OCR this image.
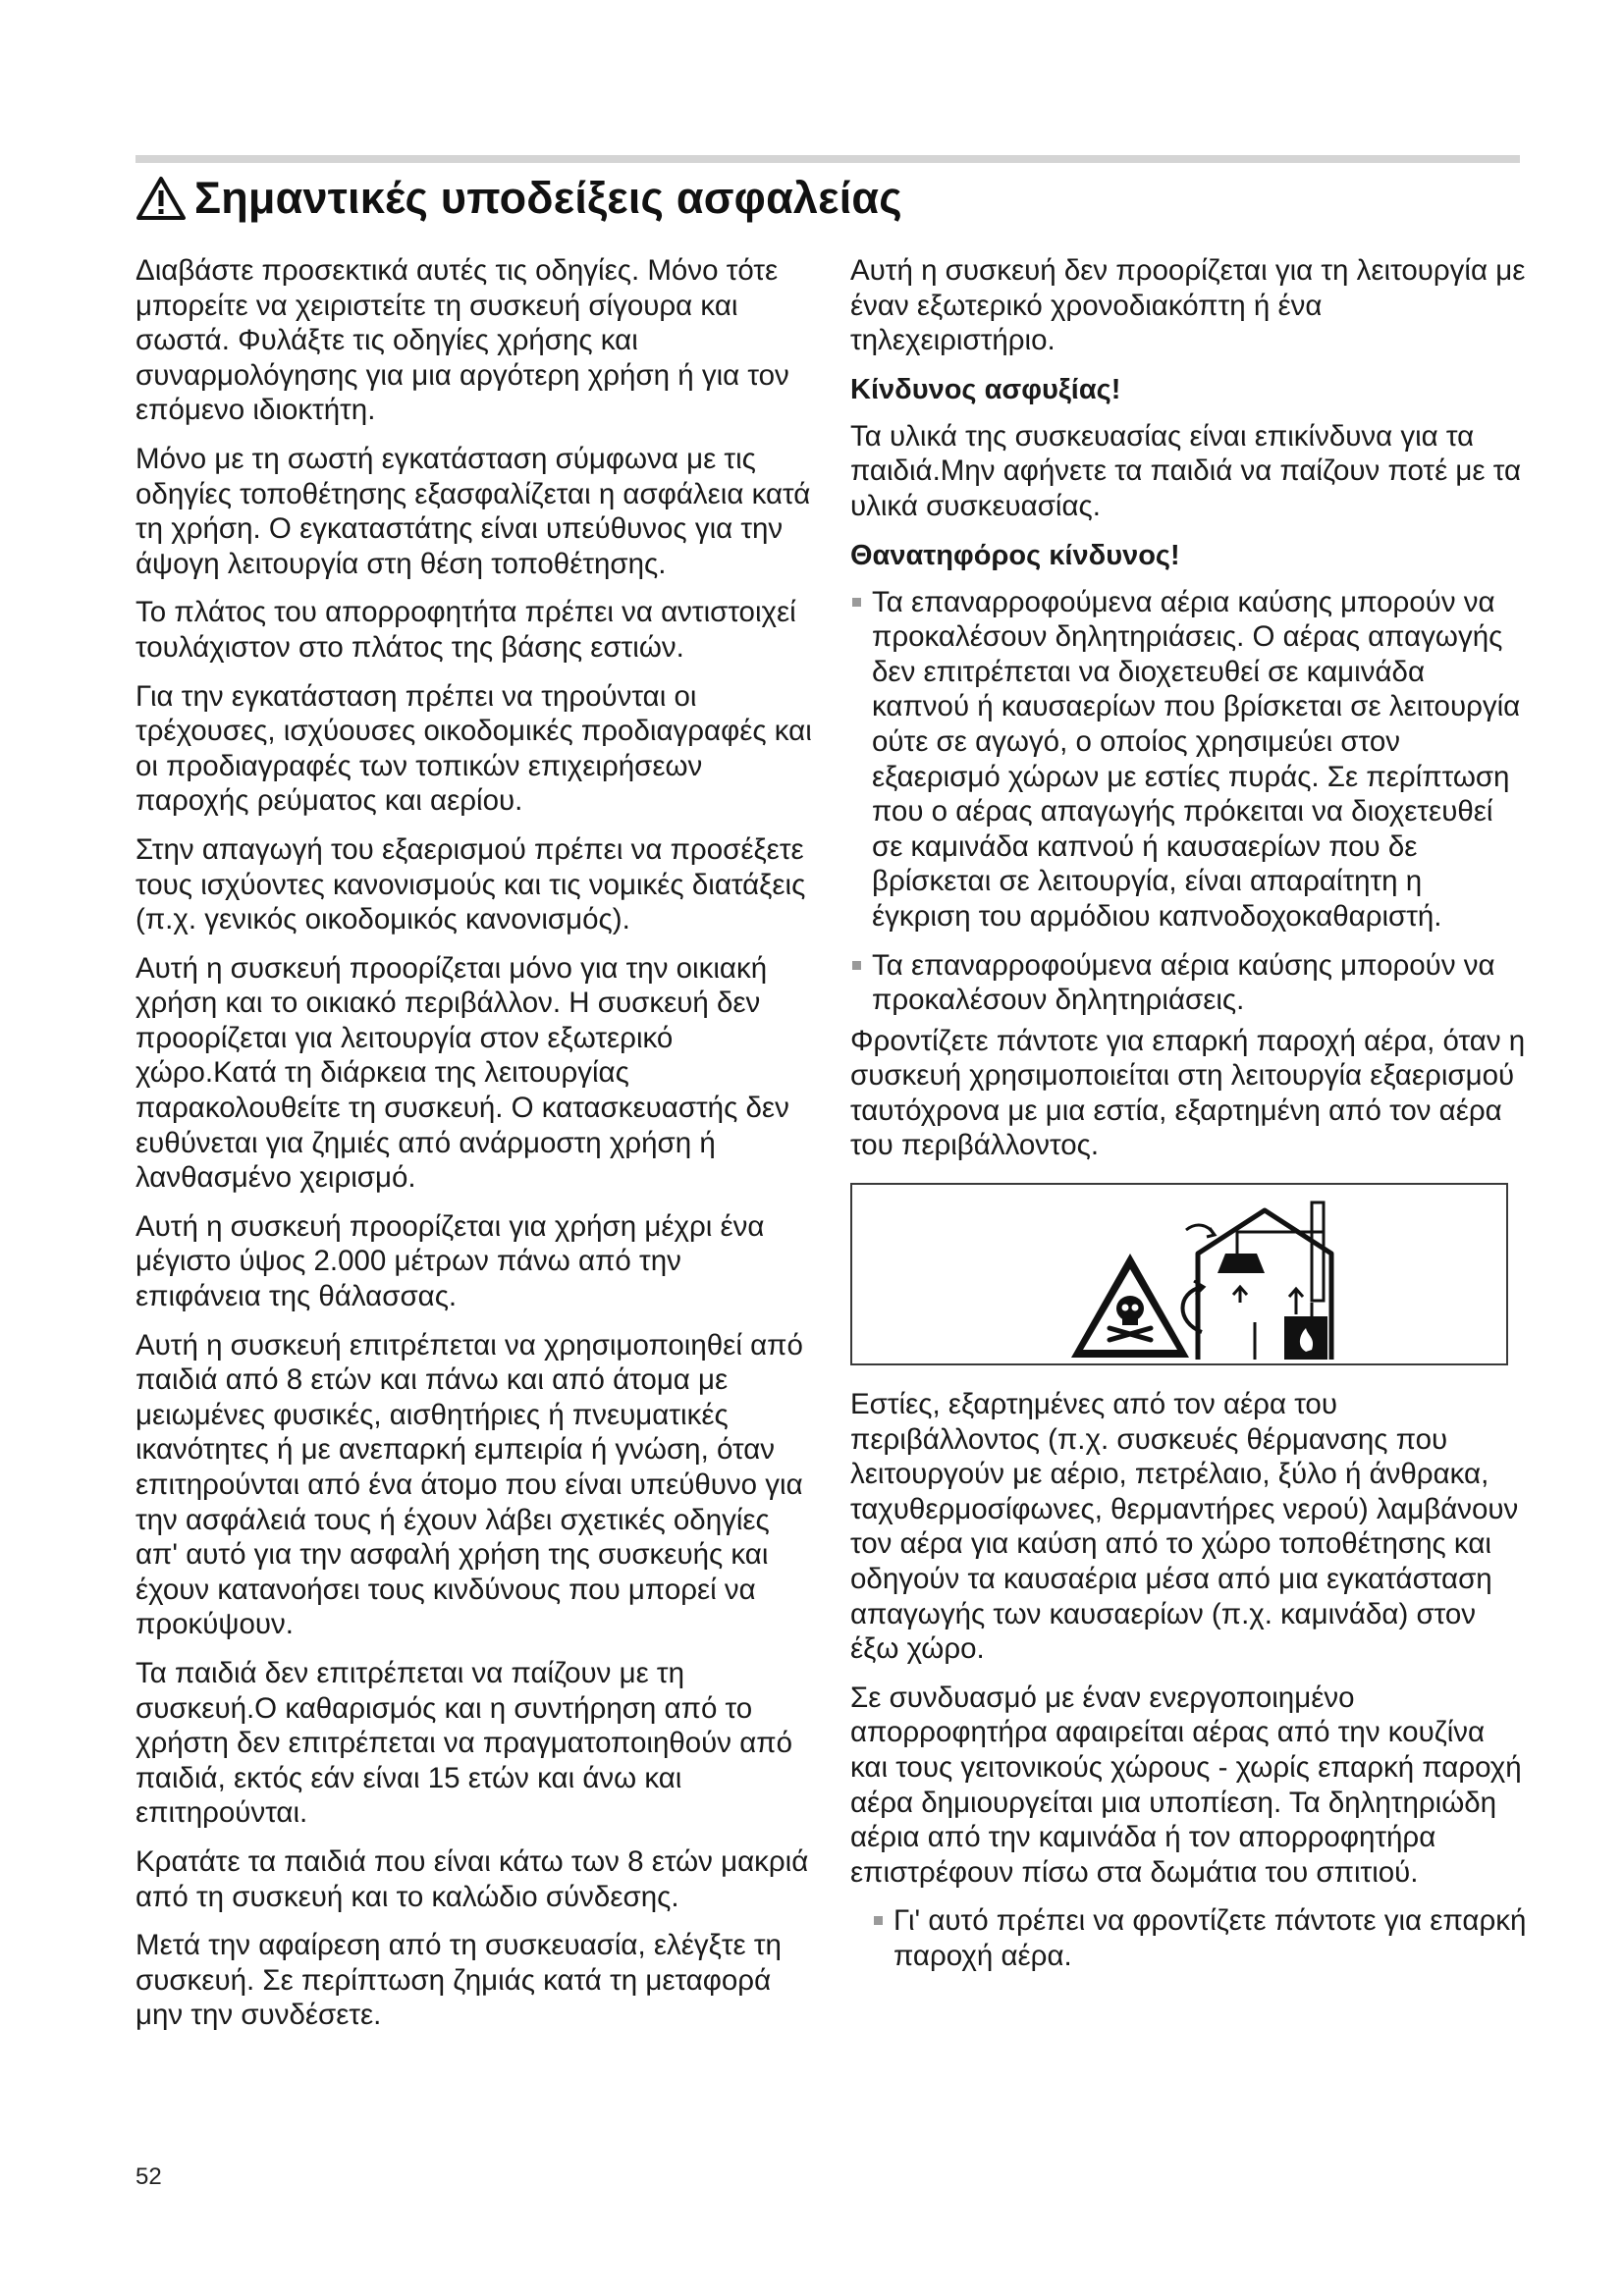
Σημαντικές υποδείξεις ασφαλείας

Διαβάστε προσεκτικά αυτές τις οδηγίες. Μόνο τότε μπορείτε να χειριστείτε τη συσκευή σίγουρα και σωστά. Φυλάξτε τις οδηγίες χρήσης και συναρμολόγησης για μια αργότερη χρήση ή για τον επόμενο ιδιοκτήτη.

Μόνο με τη σωστή εγκατάσταση σύμφωνα με τις οδηγίες τοποθέτησης εξασφαλίζεται η ασφάλεια κατά τη χρήση. Ο εγκαταστάτης είναι υπεύθυνος για την άψογη λειτουργία στη θέση τοποθέτησης.

Το πλάτος του απορροφητήτα πρέπει να αντιστοιχεί τουλάχιστον στο πλάτος της βάσης εστιών.

Για την εγκατάσταση πρέπει να τηρούνται οι τρέχουσες, ισχύουσες οικοδομικές προδιαγραφές και οι προδιαγραφές των τοπικών επιχειρήσεων παροχής ρεύματος και αερίου.

Στην απαγωγή του εξαερισμού πρέπει να προσέξετε τους ισχύοντες κανονισμούς και τις νομικές διατάξεις (π.χ. γενικός οικοδομικός κανονισμός).

Αυτή η συσκευή προορίζεται μόνο για την οικιακή χρήση και το οικιακό περιβάλλον. Η συσκευή δεν προορίζεται για λειτουργία στον εξωτερικό χώρο.Κατά τη διάρκεια της λειτουργίας παρακολουθείτε τη συσκευή. Ο κατασκευαστής δεν ευθύνεται για ζημιές από ανάρμοστη χρήση ή λανθασμένο χειρισμό.

Αυτή η συσκευή προορίζεται για χρήση μέχρι ένα μέγιστο ύψος 2.000 μέτρων πάνω από την επιφάνεια της θάλασσας.

Αυτή η συσκευή επιτρέπεται να χρησιμοποιηθεί από παιδιά από 8 ετών και πάνω και από άτομα με μειωμένες φυσικές, αισθητήριες ή πνευματικές ικανότητες ή με ανεπαρκή εμπειρία ή γνώση, όταν επιτηρούνται από ένα άτομο που είναι υπεύθυνο για την ασφάλειά τους ή έχουν λάβει σχετικές οδηγίες απ' αυτό για την ασφαλή χρήση της συσκευής και έχουν κατανοήσει τους κινδύνους που μπορεί να προκύψουν.

Τα παιδιά δεν επιτρέπεται να παίζουν με τη συσκευή.Ο καθαρισμός και η συντήρηση από το χρήστη δεν επιτρέπεται να πραγματοποιηθούν από παιδιά, εκτός εάν είναι 15 ετών και άνω και επιτηρούνται.

Κρατάτε τα παιδιά που είναι κάτω των 8 ετών μακριά από τη συσκευή και το καλώδιο σύνδεσης.

Μετά την αφαίρεση από τη συσκευασία, ελέγξτε τη συσκευή. Σε περίπτωση ζημιάς κατά τη μεταφορά μην την συνδέσετε.

Αυτή η συσκευή δεν προορίζεται για τη λειτουργία με έναν εξωτερικό χρονοδιακόπτη ή ένα τηλεχειριστήριο.

Κίνδυνος ασφυξίας!

Τα υλικά της συσκευασίας είναι επικίνδυνα για τα παιδιά.Μην αφήνετε τα παιδιά να παίζουν ποτέ με τα υλικά συσκευασίας.

Θανατηφόρος κίνδυνος!
Τα επαναρροφούμενα αέρια καύσης μπορούν να προκαλέσουν δηλητηριάσεις. Ο αέρας απαγωγής δεν επιτρέπεται να διοχετευθεί σε καμινάδα καπνού ή καυσαερίων που βρίσκεται σε λειτουργία ούτε σε αγωγό, ο οποίος χρησιμεύει στον εξαερισμό χώρων με εστίες πυράς. Σε περίπτωση που ο αέρας απαγωγής πρόκειται να διοχετευθεί σε καμινάδα καπνού ή καυσαερίων που δε βρίσκεται σε λειτουργία, είναι απαραίτητη η έγκριση του αρμόδιου καπνοδοχοκαθαριστή.
Τα επαναρροφούμενα αέρια καύσης μπορούν να προκαλέσουν δηλητηριάσεις.

Φροντίζετε πάντοτε για επαρκή παροχή αέρα, όταν η συσκευή χρησιμοποιείται στη λειτουργία εξαερισμού ταυτόχρονα με μια εστία, εξαρτημένη από τον αέρα του περιβάλλοντος.

Εστίες, εξαρτημένες από τον αέρα του περιβάλλοντος (π.χ. συσκευές θέρμανσης που λειτουργούν με αέριο, πετρέλαιο, ξύλο ή άνθρακα, ταχυθερμοσίφωνες, θερμαντήρες νερού) λαμβάνουν τον αέρα για καύση από το χώρο τοποθέτησης και οδηγούν τα καυσαέρια μέσα από μια εγκατάσταση απαγωγής των καυσαερίων (π.χ. καμινάδα) στον έξω χώρο.

Σε συνδυασμό με έναν ενεργοποιημένο απορροφητήρα αφαιρείται αέρας από την κουζίνα και τους γειτονικούς χώρους - χωρίς επαρκή παροχή αέρα δημιουργείται μια υποπίεση. Τα δηλητηριώδη αέρια από την καμινάδα ή τον απορροφητήρα επιστρέφουν πίσω στα δωμάτια του σπιτιού.

Γι' αυτό πρέπει να φροντίζετε πάντοτε για επαρκή παροχή αέρα.
52
